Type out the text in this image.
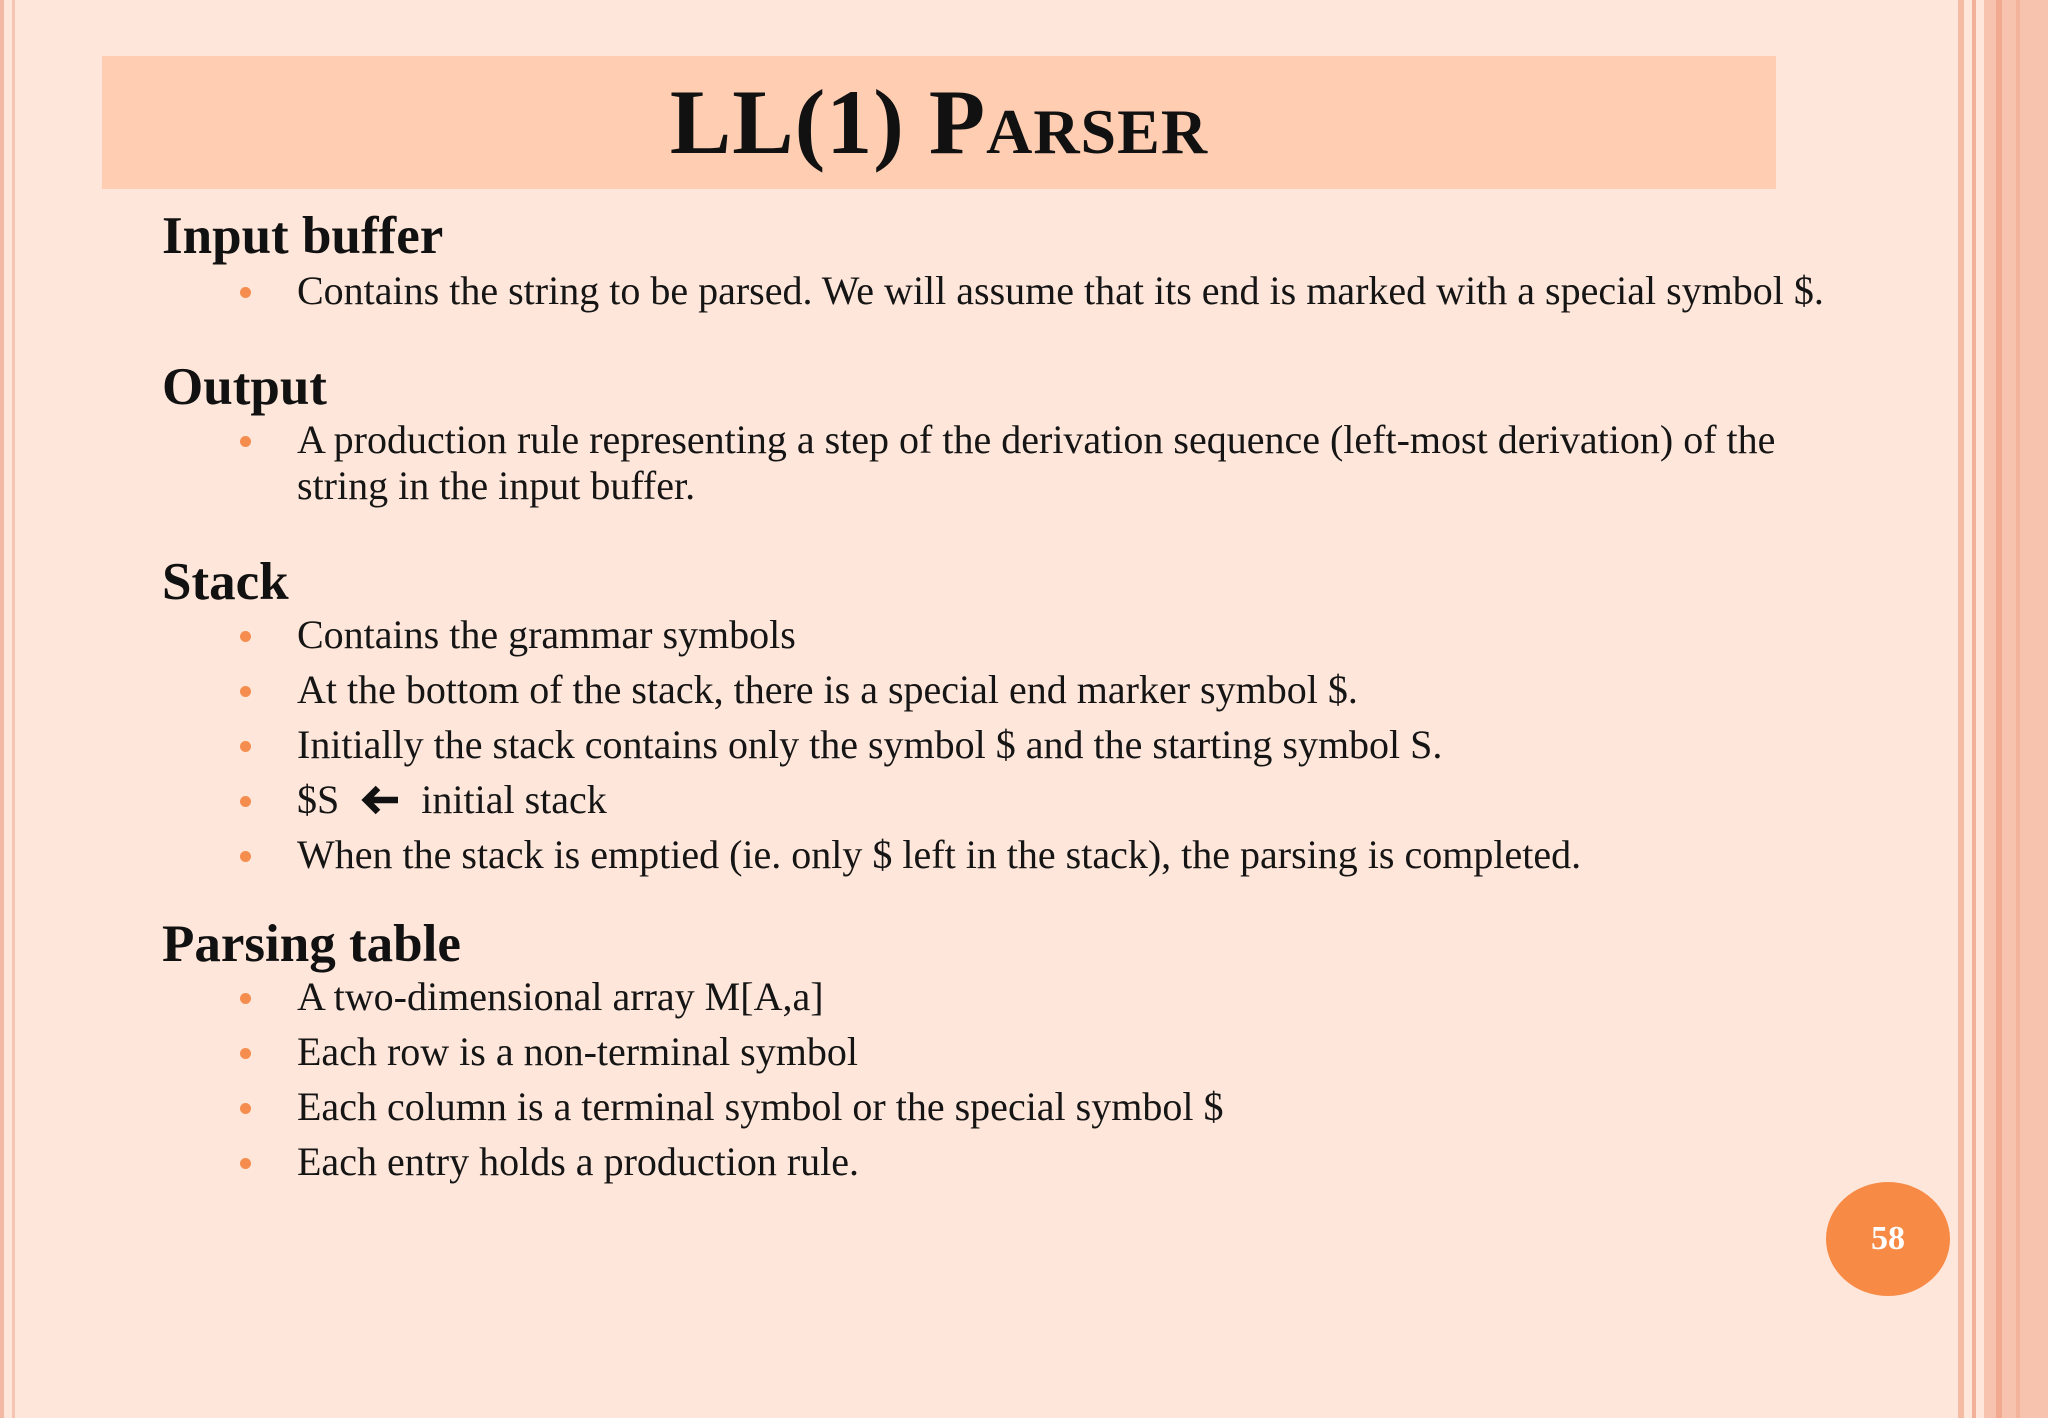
LL(1) Parser

Input buffer

Contains the string to be parsed. We will assume that its end is marked with a special symbol $.

Output

A production rule representing a step of the derivation sequence (left-most derivation) of the string in the input buffer.

Stack

Contains the grammar symbols
At the bottom of the stack, there is a special end marker symbol $.
Initially the stack contains only the symbol $ and the starting symbol S.
$S initial stack
When the stack is emptied (ie. only $ left in the stack), the parsing is completed.

Parsing table

A two-dimensional array M[A,a]
Each row is a non-terminal symbol
Each column is a terminal symbol or the special symbol $
Each entry holds a production rule.
58
